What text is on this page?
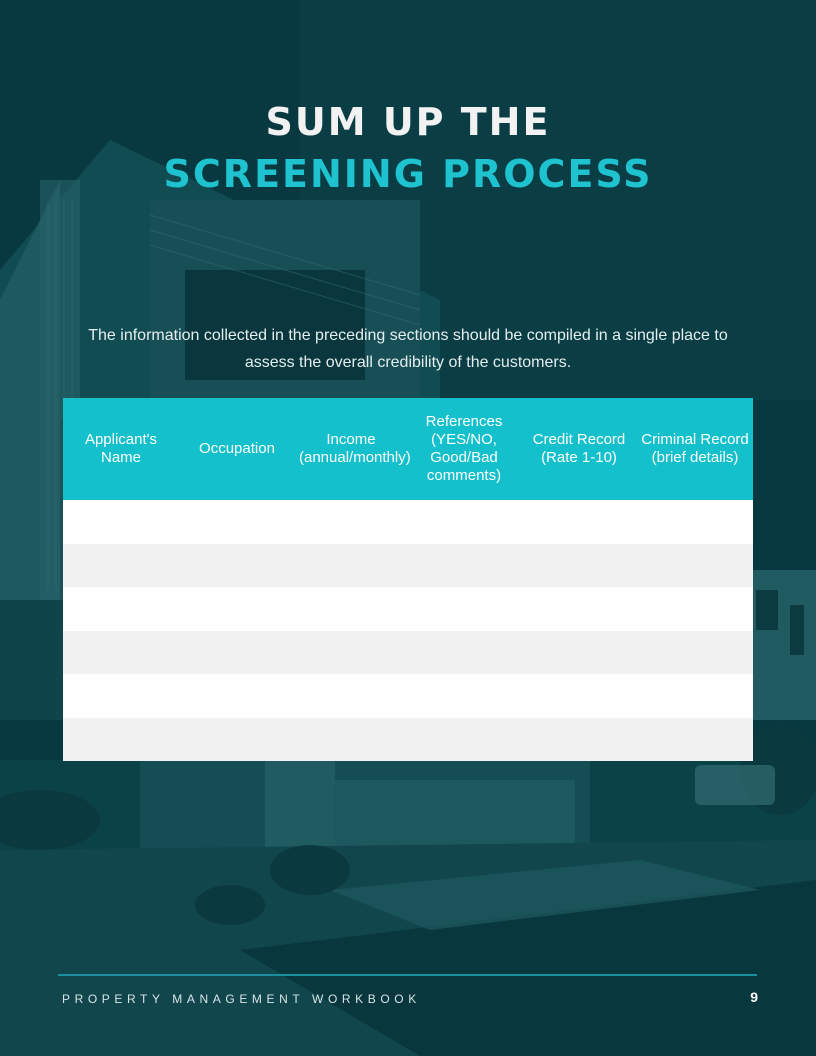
SUM UP THE
SCREENING PROCESS

The information collected in the preceding sections should be compiled in a single place to assess the overall credibility of the customers.

Applicant's Name	Occupation	Income (annual/monthly)	References (YES/NO, Good/Bad comments)	Credit Record (Rate 1-10)	Criminal Record (brief details)

PROPERTY MANAGEMENT WORKBOOK	9
